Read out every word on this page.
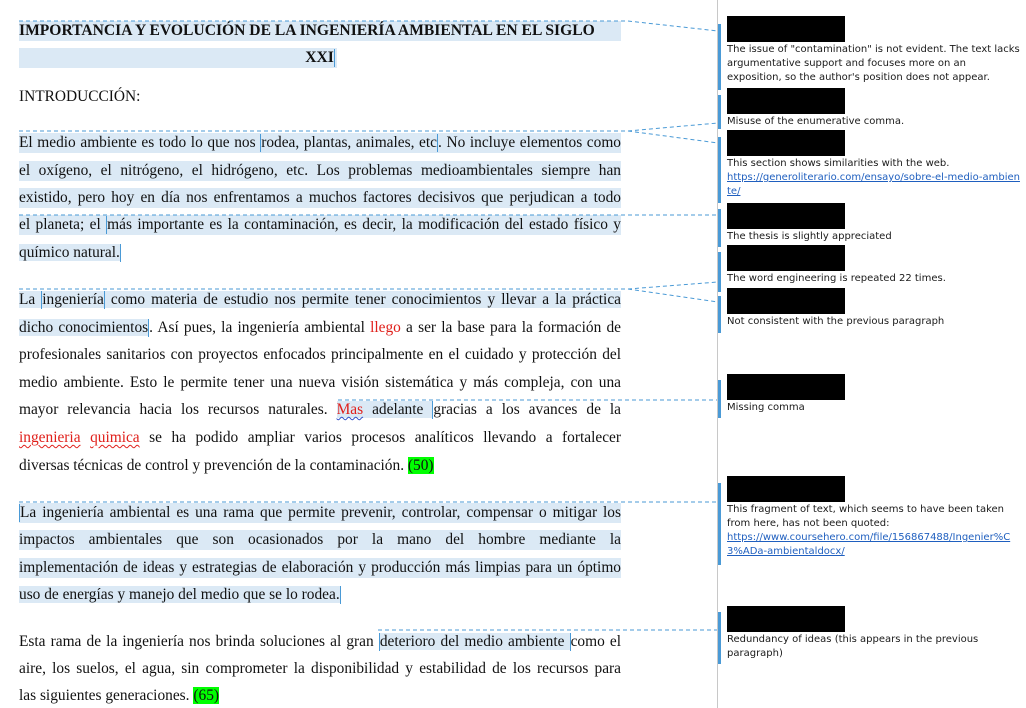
IMPORTANCIA Y EVOLUCIÓN DE LA INGENIERÍA AMBIENTAL EN EL SIGLO
XXI
INTRODUCCIÓN:
El medio ambiente es todo lo que nos rodea, plantas, animales, etc. No incluye elementos como
el oxígeno, el nitrógeno, el hidrógeno, etc. Los problemas medioambientales siempre han
existido, pero hoy en día nos enfrentamos a muchos factores decisivos que perjudican a todo
el planeta; el más importante es la contaminación, es decir, la modificación del estado físico y
químico natural.
La ingeniería como materia de estudio nos permite tener conocimientos y llevar a la práctica
dicho conocimientos. Así pues, la ingeniería ambiental llego a ser la base para la formación de
profesionales sanitarios con proyectos enfocados principalmente en el cuidado y protección del
medio ambiente. Esto le permite tener una nueva visión sistemática y más compleja, con una
mayor relevancia hacia los recursos naturales. Mas adelante gracias a los avances de la
ingenieria quimica se ha podido ampliar varios procesos analíticos llevando a fortalecer
diversas técnicas de control y prevención de la contaminación. (50)
La ingeniería ambiental es una rama que permite prevenir, controlar, compensar o mitigar los
impactos ambientales que son ocasionados por la mano del hombre mediante la
implementación de ideas y estrategias de elaboración y producción más limpias para un óptimo
uso de energías y manejo del medio que se lo rodea.
Esta rama de la ingeniería nos brinda soluciones al gran deterioro del medio ambiente como el
aire, los suelos, el agua, sin comprometer la disponibilidad y estabilidad de los recursos para
las siguientes generaciones. (65)
The issue of "contamination" is not evident. The text lacks argumentative support and focuses more on an exposition, so the author's position does not appear.
Misuse of the enumerative comma.
This section shows similarities with the web.
https://generoliterario.com/ensayo/sobre-el-medio-ambiente/
The thesis is slightly appreciated
The word engineering is repeated 22 times.
Not consistent with the previous paragraph
Missing comma
This fragment of text, which seems to have been taken from here, has not been quoted:
https://www.coursehero.com/file/156867488/Ingenier%C3%ADa-ambientaldocx/
Redundancy of ideas (this appears in the previous paragraph)
